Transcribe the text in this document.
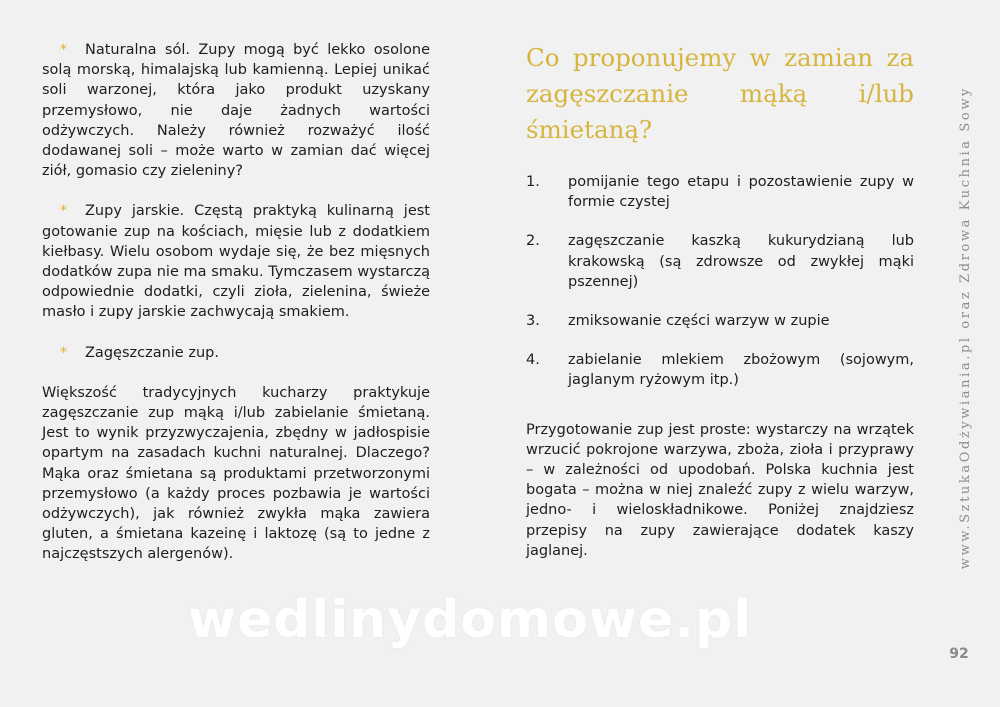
* Naturalna sól. Zupy mogą być lekko osolone solą morską, himalajską lub kamienną. Lepiej unikać soli warzonej, która jako produkt uzyskany przemysłowo, nie daje żadnych wartości odżywczych. Należy również rozważyć ilość dodawanej soli – może warto w zamian dać więcej ziół, gomasio czy zieleniny?

* Zupy jarskie. Częstą praktyką kulinarną jest gotowanie zup na kościach, mięsie lub z dodatkiem kiełbasy. Wielu osobom wydaje się, że bez mięsnych dodatków zupa nie ma smaku. Tymczasem wystarczą odpowiednie dodatki, czyli zioła, zielenina, świeże masło i zupy jarskie zachwycają smakiem.

* Zagęszczanie zup.

Większość tradycyjnych kucharzy praktykuje zagęszczanie zup mąką i/lub zabielanie śmietaną. Jest to wynik przyzwyczajenia, zbędny w jadłospisie opartym na zasadach kuchni naturalnej. Dlaczego? Mąka oraz śmietana są produktami przetworzonymi przemysłowo (a każdy proces pozbawia je wartości odżywczych), jak również zwykła mąka zawiera gluten, a śmietana kazeinę i laktozę (są to jedne z najczęstszych alergenów).

Co proponujemy w zamian za zagęszczanie mąką i/lub śmietaną?
1. pomijanie tego etapu i pozostawienie zupy w formie czystej
2. zagęszczanie kaszką kukurydzianą lub krakowską (są zdrowsze od zwykłej mąki pszennej)
3. zmiksowanie części warzyw w zupie
4. zabielanie mlekiem zbożowym (sojowym, jaglanym ryżowym itp.)

Przygotowanie zup jest proste: wystarczy na wrzątek wrzucić pokrojone warzywa, zboża, zioła i przyprawy – w zależności od upodobań. Polska kuchnia jest bogata – można w niej znaleźć zupy z wielu warzyw, jedno- i wieloskładnikowe. Poniżej znajdziesz przepisy na zupy zawierające dodatek kaszy jaglanej.	www.SztukaOdżywiania.pl oraz Zdrowa Kuchnia Sowy
92
wedlinydomowe.pl
